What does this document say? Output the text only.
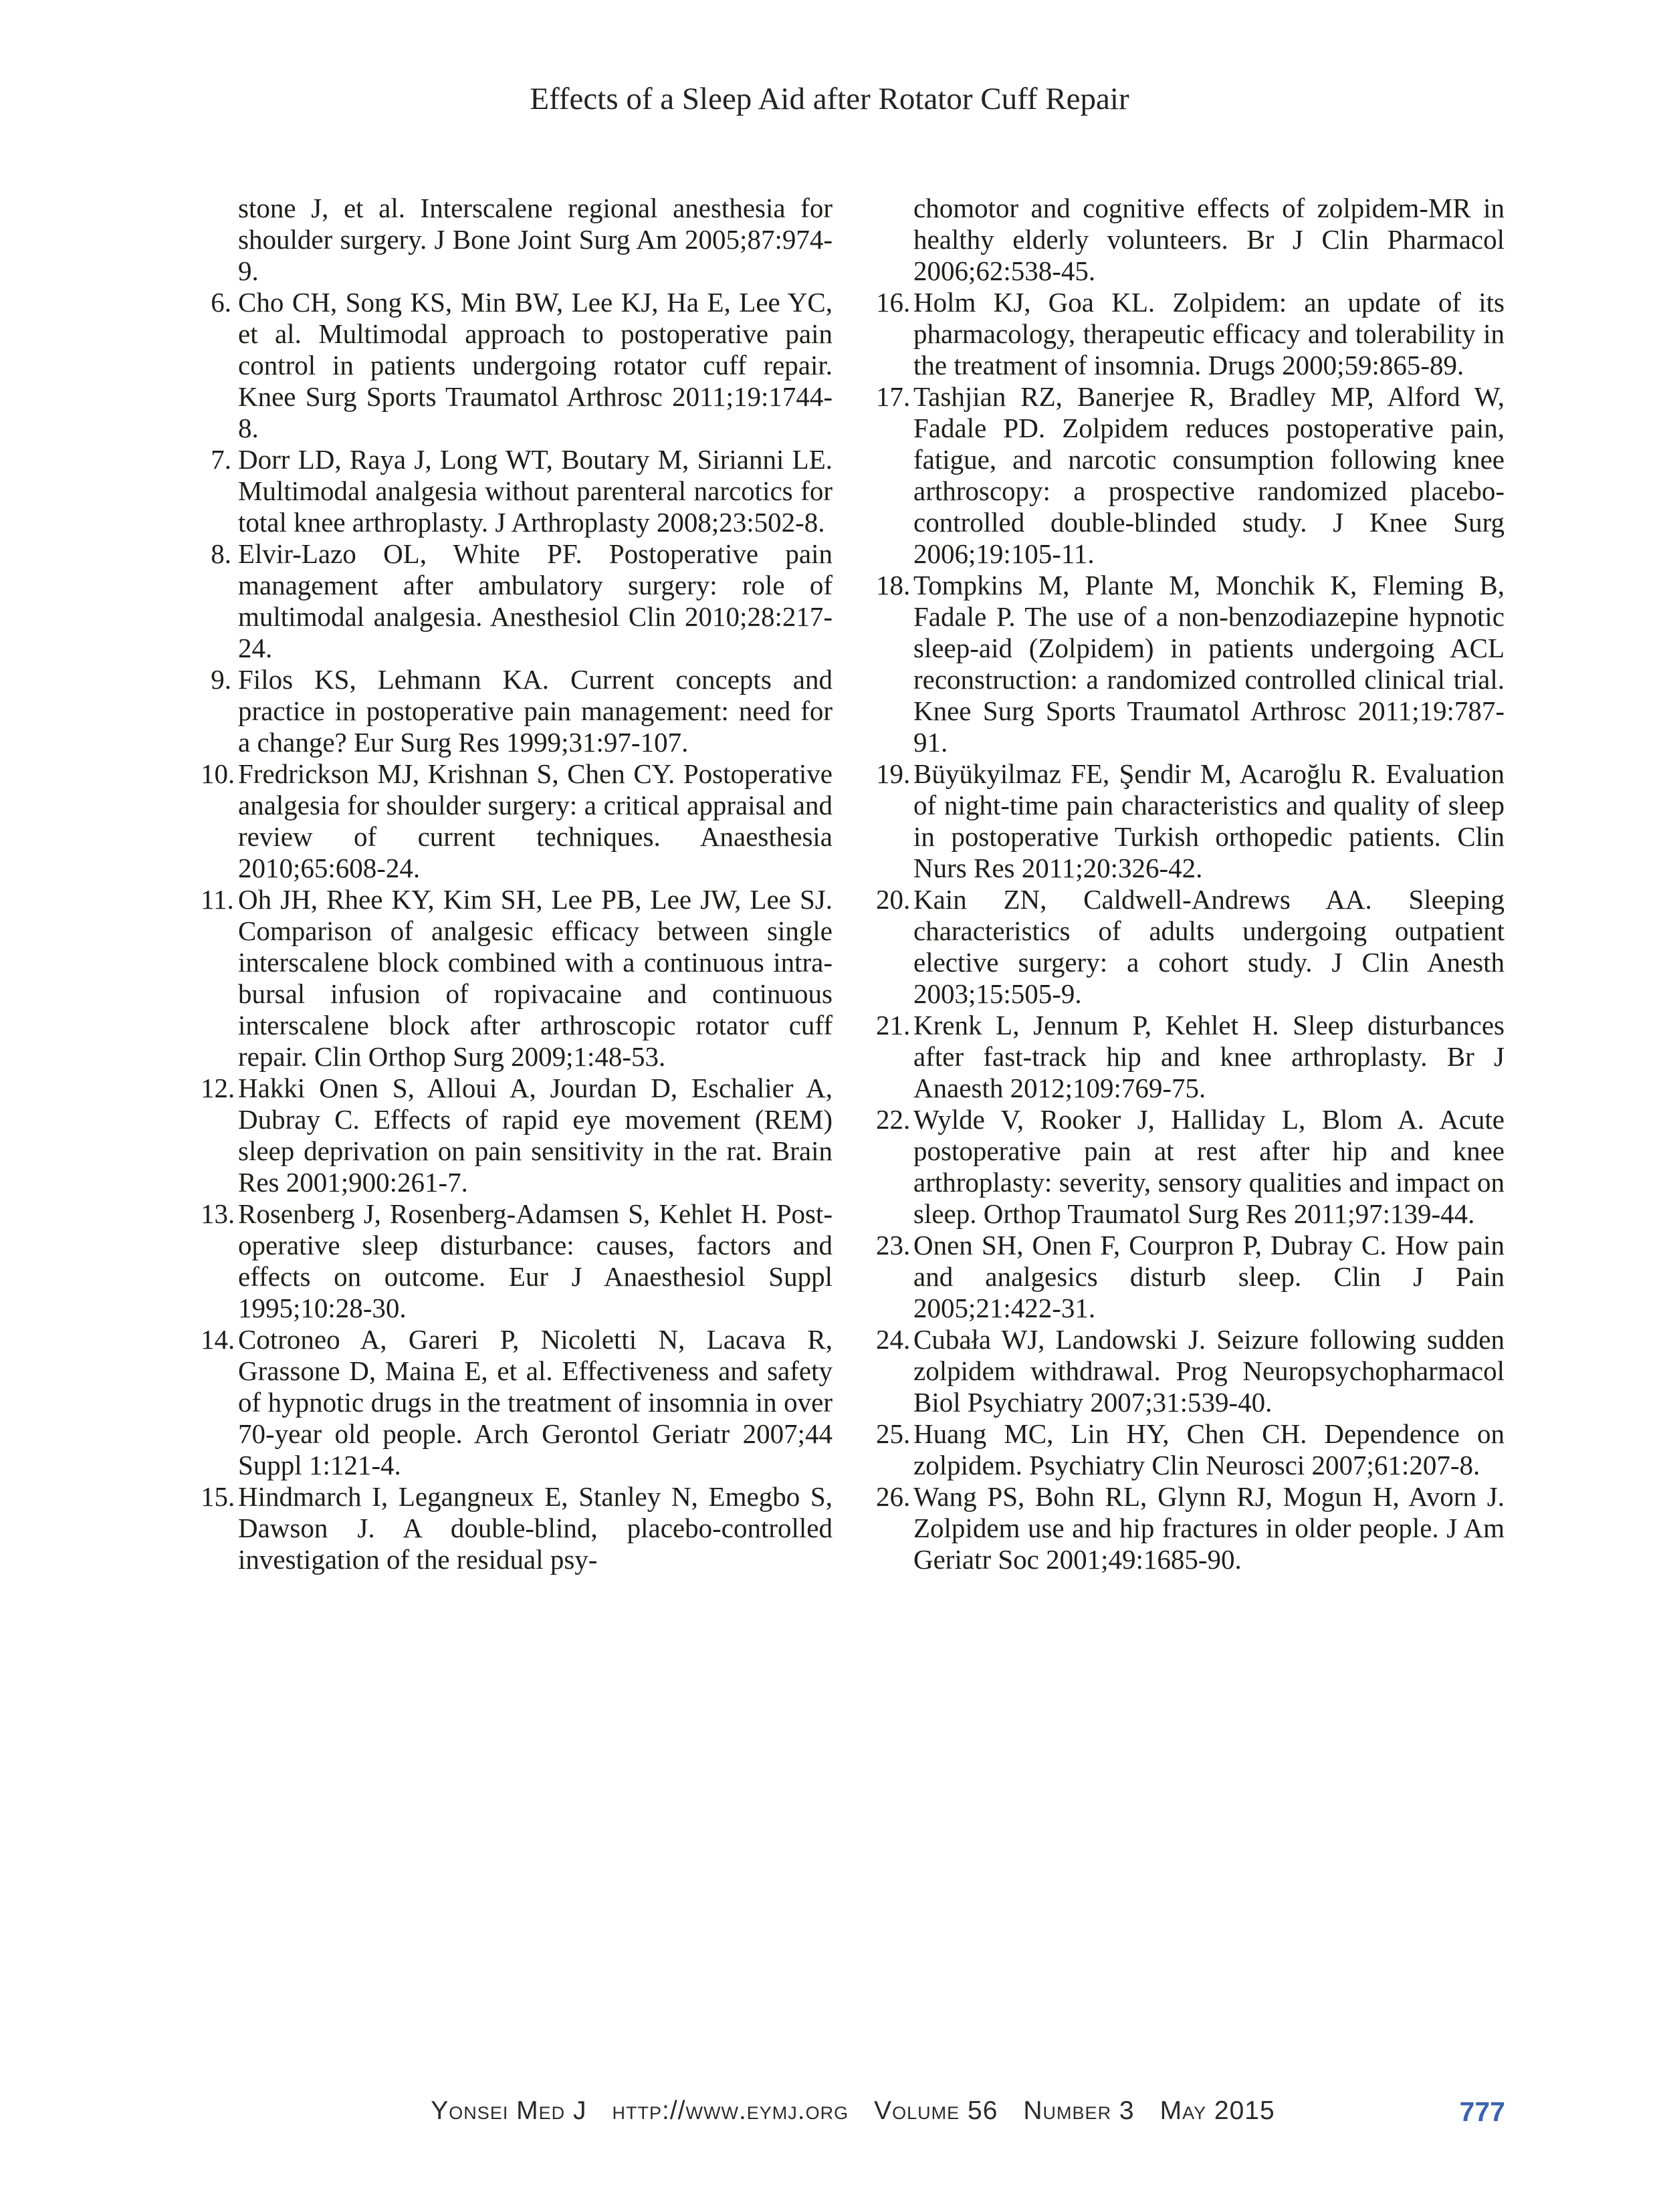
Effects of a Sleep Aid after Rotator Cuff Repair
stone J, et al. Interscalene regional anesthesia for shoulder surgery. J Bone Joint Surg Am 2005;87:974-9.
6. Cho CH, Song KS, Min BW, Lee KJ, Ha E, Lee YC, et al. Multimodal approach to postoperative pain control in patients undergoing rotator cuff repair. Knee Surg Sports Traumatol Arthrosc 2011;19:1744-8.
7. Dorr LD, Raya J, Long WT, Boutary M, Sirianni LE. Multimodal analgesia without parenteral narcotics for total knee arthroplasty. J Arthroplasty 2008;23:502-8.
8. Elvir-Lazo OL, White PF. Postoperative pain management after ambulatory surgery: role of multimodal analgesia. Anesthesiol Clin 2010;28:217-24.
9. Filos KS, Lehmann KA. Current concepts and practice in postoperative pain management: need for a change? Eur Surg Res 1999;31:97-107.
10. Fredrickson MJ, Krishnan S, Chen CY. Postoperative analgesia for shoulder surgery: a critical appraisal and review of current techniques. Anaesthesia 2010;65:608-24.
11. Oh JH, Rhee KY, Kim SH, Lee PB, Lee JW, Lee SJ. Comparison of analgesic efficacy between single interscalene block combined with a continuous intra-bursal infusion of ropivacaine and continuous interscalene block after arthroscopic rotator cuff repair. Clin Orthop Surg 2009;1:48-53.
12. Hakki Onen S, Alloui A, Jourdan D, Eschalier A, Dubray C. Effects of rapid eye movement (REM) sleep deprivation on pain sensitivity in the rat. Brain Res 2001;900:261-7.
13. Rosenberg J, Rosenberg-Adamsen S, Kehlet H. Post-operative sleep disturbance: causes, factors and effects on outcome. Eur J Anaesthesiol Suppl 1995;10:28-30.
14. Cotroneo A, Gareri P, Nicoletti N, Lacava R, Grassone D, Maina E, et al. Effectiveness and safety of hypnotic drugs in the treatment of insomnia in over 70-year old people. Arch Gerontol Geriatr 2007;44 Suppl 1:121-4.
15. Hindmarch I, Legangneux E, Stanley N, Emegbo S, Dawson J. A double-blind, placebo-controlled investigation of the residual psy-
chomotor and cognitive effects of zolpidem-MR in healthy elderly volunteers. Br J Clin Pharmacol 2006;62:538-45.
16. Holm KJ, Goa KL. Zolpidem: an update of its pharmacology, therapeutic efficacy and tolerability in the treatment of insomnia. Drugs 2000;59:865-89.
17. Tashjian RZ, Banerjee R, Bradley MP, Alford W, Fadale PD. Zolpidem reduces postoperative pain, fatigue, and narcotic consumption following knee arthroscopy: a prospective randomized placebo-controlled double-blinded study. J Knee Surg 2006;19:105-11.
18. Tompkins M, Plante M, Monchik K, Fleming B, Fadale P. The use of a non-benzodiazepine hypnotic sleep-aid (Zolpidem) in patients undergoing ACL reconstruction: a randomized controlled clinical trial. Knee Surg Sports Traumatol Arthrosc 2011;19:787-91.
19. Büyükyilmaz FE, Şendir M, Acaroğlu R. Evaluation of night-time pain characteristics and quality of sleep in postoperative Turkish orthopedic patients. Clin Nurs Res 2011;20:326-42.
20. Kain ZN, Caldwell-Andrews AA. Sleeping characteristics of adults undergoing outpatient elective surgery: a cohort study. J Clin Anesth 2003;15:505-9.
21. Krenk L, Jennum P, Kehlet H. Sleep disturbances after fast-track hip and knee arthroplasty. Br J Anaesth 2012;109:769-75.
22. Wylde V, Rooker J, Halliday L, Blom A. Acute postoperative pain at rest after hip and knee arthroplasty: severity, sensory qualities and impact on sleep. Orthop Traumatol Surg Res 2011;97:139-44.
23. Onen SH, Onen F, Courpron P, Dubray C. How pain and analgesics disturb sleep. Clin J Pain 2005;21:422-31.
24. Cubała WJ, Landowski J. Seizure following sudden zolpidem withdrawal. Prog Neuropsychopharmacol Biol Psychiatry 2007;31:539-40.
25. Huang MC, Lin HY, Chen CH. Dependence on zolpidem. Psychiatry Clin Neurosci 2007;61:207-8.
26. Wang PS, Bohn RL, Glynn RJ, Mogun H, Avorn J. Zolpidem use and hip fractures in older people. J Am Geriatr Soc 2001;49:1685-90.
Yonsei Med J http://www.eymj.org Volume 56 Number 3 May 2015	777
